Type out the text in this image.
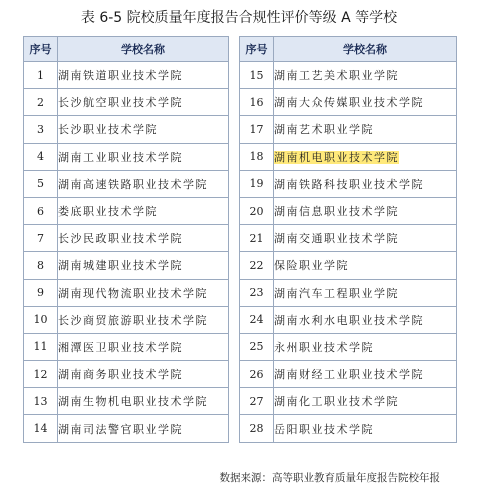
表 6-5 院校质量年度报告合规性评价等级 A 等学校
序号	学校名称
1	湖南铁道职业技术学院
2	长沙航空职业技术学院
3	长沙职业技术学院
4	湖南工业职业技术学院
5	湖南高速铁路职业技术学院
6	娄底职业技术学院
7	长沙民政职业技术学院
8	湖南城建职业技术学院
9	湖南现代物流职业技术学院
10	长沙商贸旅游职业技术学院
11	湘潭医卫职业技术学院
12	湖南商务职业技术学院
13	湖南生物机电职业技术学院
14	湖南司法警官职业学院
序号	学校名称
15	湖南工艺美术职业学院
16	湖南大众传媒职业技术学院
17	湖南艺术职业学院
18	湖南机电职业技术学院
19	湖南铁路科技职业技术学院
20	湖南信息职业技术学院
21	湖南交通职业技术学院
22	保险职业学院
23	湖南汽车工程职业学院
24	湖南水利水电职业技术学院
25	永州职业技术学院
26	湖南财经工业职业技术学院
27	湖南化工职业技术学院
28	岳阳职业技术学院
数据来源：高等职业教育质量年度报告院校年报
